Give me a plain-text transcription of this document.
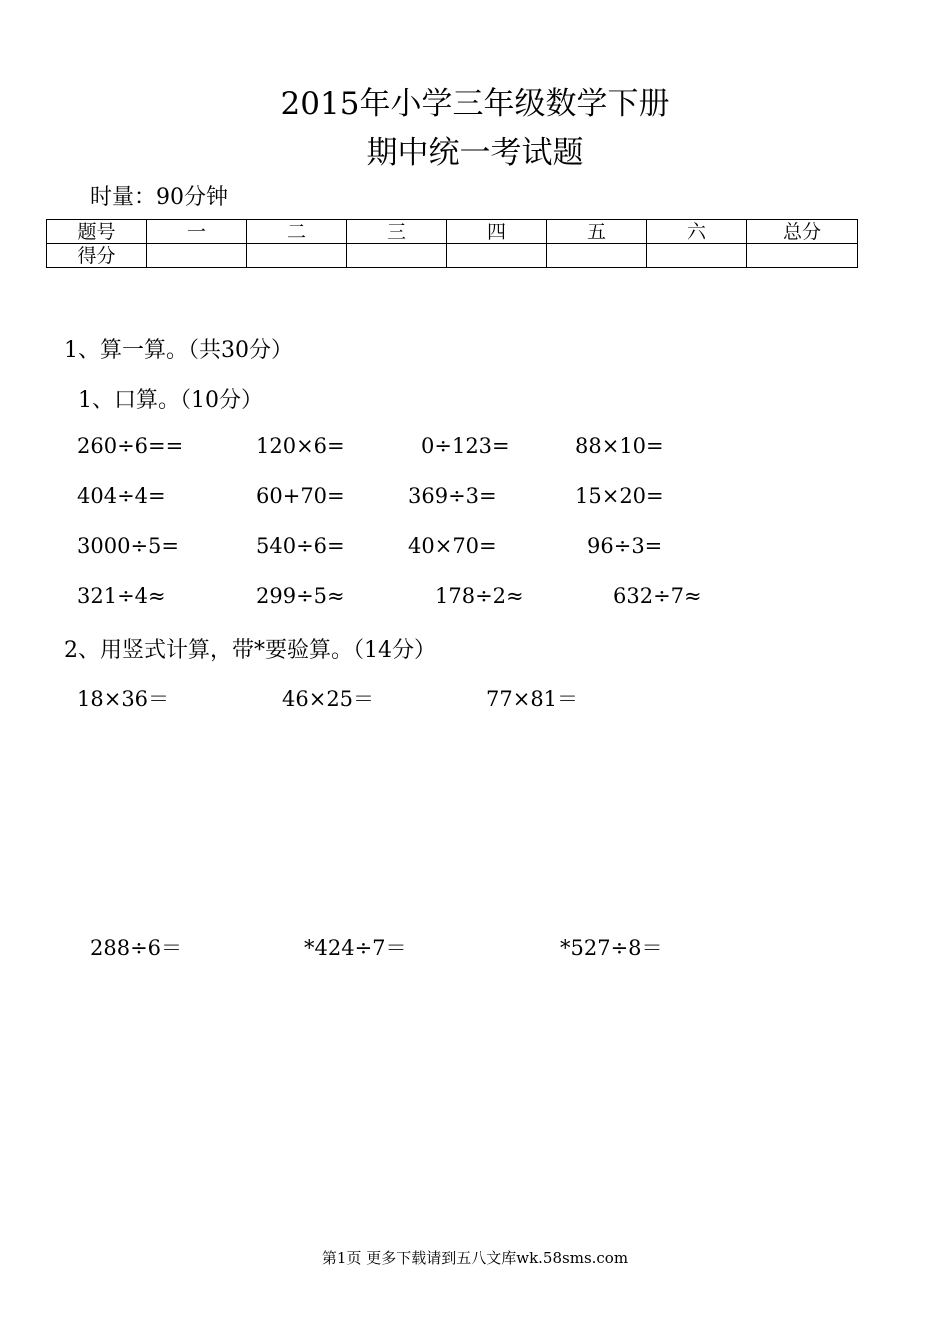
2015年小学三年级数学下册
期中统一考试题
时量：90分钟
题号	一	二	三	四	五	六	总分
得分							
1、算一算。（共30分）
1、口算。（10分）
260÷6==	120×6=	0÷123=	88×10=
404÷4=	60+70=	369÷3=	15×20=
3000÷5=	540÷6=	40×70=	96÷3=
321÷4≈	299÷5≈	178÷2≈	632÷7≈
2、用竖式计算，带*要验算。（14分）
18×36＝	46×25＝	77×81＝
288÷6＝	*424÷7＝	*527÷8＝
第1页 更多下载请到五八文库wk.58sms.com
